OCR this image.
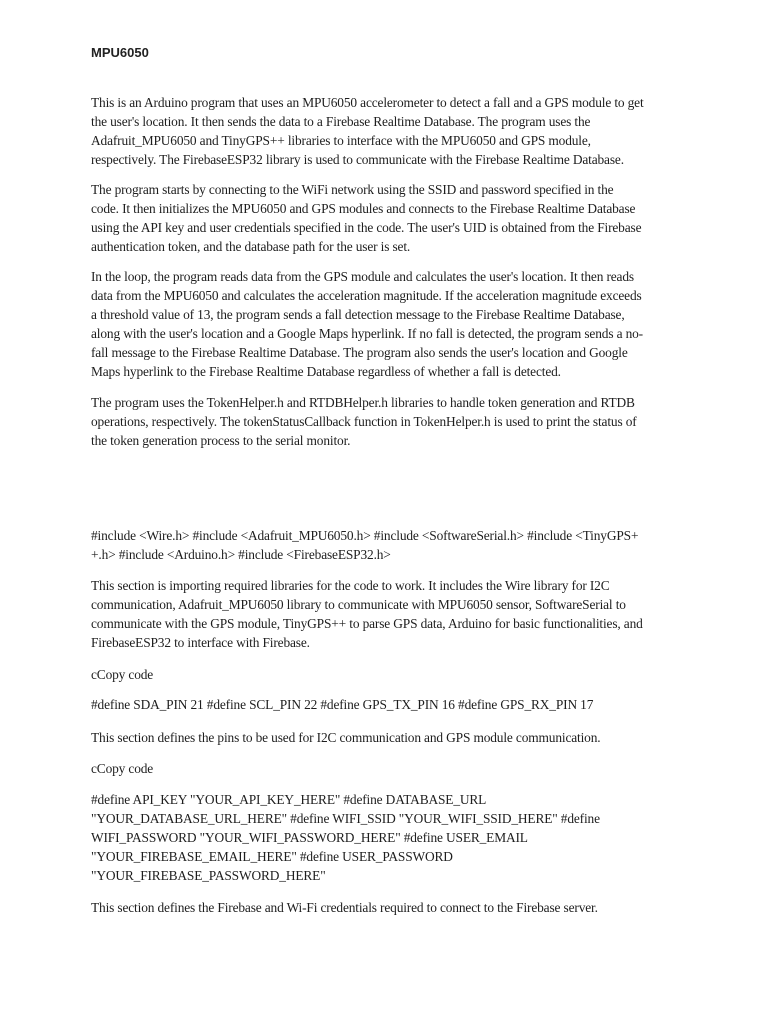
MPU6050

This is an Arduino program that uses an MPU6050 accelerometer to detect a fall and a GPS module to get
the user's location. It then sends the data to a Firebase Realtime Database. The program uses the
Adafruit_MPU6050 and TinyGPS++ libraries to interface with the MPU6050 and GPS module,
respectively. The FirebaseESP32 library is used to communicate with the Firebase Realtime Database.

The program starts by connecting to the WiFi network using the SSID and password specified in the
code. It then initializes the MPU6050 and GPS modules and connects to the Firebase Realtime Database
using the API key and user credentials specified in the code. The user's UID is obtained from the Firebase
authentication token, and the database path for the user is set.

In the loop, the program reads data from the GPS module and calculates the user's location. It then reads
data from the MPU6050 and calculates the acceleration magnitude. If the acceleration magnitude exceeds
a threshold value of 13, the program sends a fall detection message to the Firebase Realtime Database,
along with the user's location and a Google Maps hyperlink. If no fall is detected, the program sends a no-
fall message to the Firebase Realtime Database. The program also sends the user's location and Google
Maps hyperlink to the Firebase Realtime Database regardless of whether a fall is detected.

The program uses the TokenHelper.h and RTDBHelper.h libraries to handle token generation and RTDB
operations, respectively. The tokenStatusCallback function in TokenHelper.h is used to print the status of
the token generation process to the serial monitor.

#include <Wire.h> #include <Adafruit_MPU6050.h> #include <SoftwareSerial.h> #include <TinyGPS+
+.h> #include <Arduino.h> #include <FirebaseESP32.h>

This section is importing required libraries for the code to work. It includes the Wire library for I2C
communication, Adafruit_MPU6050 library to communicate with MPU6050 sensor, SoftwareSerial to
communicate with the GPS module, TinyGPS++ to parse GPS data, Arduino for basic functionalities, and
FirebaseESP32 to interface with Firebase.

cCopy code

#define SDA_PIN 21 #define SCL_PIN 22 #define GPS_TX_PIN 16 #define GPS_RX_PIN 17

This section defines the pins to be used for I2C communication and GPS module communication.

cCopy code

#define API_KEY "YOUR_API_KEY_HERE" #define DATABASE_URL
"YOUR_DATABASE_URL_HERE" #define WIFI_SSID "YOUR_WIFI_SSID_HERE" #define
WIFI_PASSWORD "YOUR_WIFI_PASSWORD_HERE" #define USER_EMAIL
"YOUR_FIREBASE_EMAIL_HERE" #define USER_PASSWORD
"YOUR_FIREBASE_PASSWORD_HERE"

This section defines the Firebase and Wi-Fi credentials required to connect to the Firebase server.
